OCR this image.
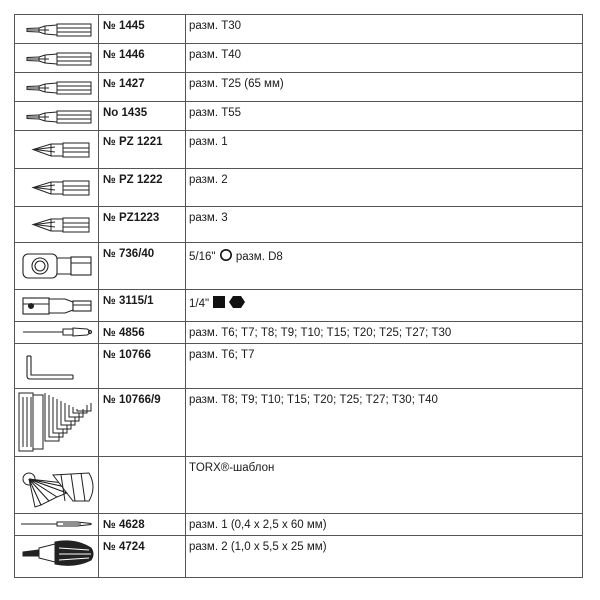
	№ 1445	разм. Т30

	№ 1446	разм. Т40

	№ 1427	разм. Т25 (65 мм)

	No 1435	разм. Т55

	№ PZ 1221	разм. 1

	№ PZ 1222	разм. 2

	№ PZ1223	разм. 3

	№ 736/40	5/16" разм. D8

	№ 3115/1	1/4"

	№ 4856	разм. Т6; Т7; Т8; Т9; Т10; Т15; Т20; Т25; Т27; Т30

	№ 10766	разм. Т6; Т7

	№ 10766/9	разм. Т8; Т9; Т10; Т15; Т20; Т25; Т27; Т30; Т40

		TORX®-шаблон

	№ 4628	разм. 1 (0,4 x 2,5 x 60 мм)

	№ 4724	разм. 2 (1,0 x 5,5 x 25 мм)
